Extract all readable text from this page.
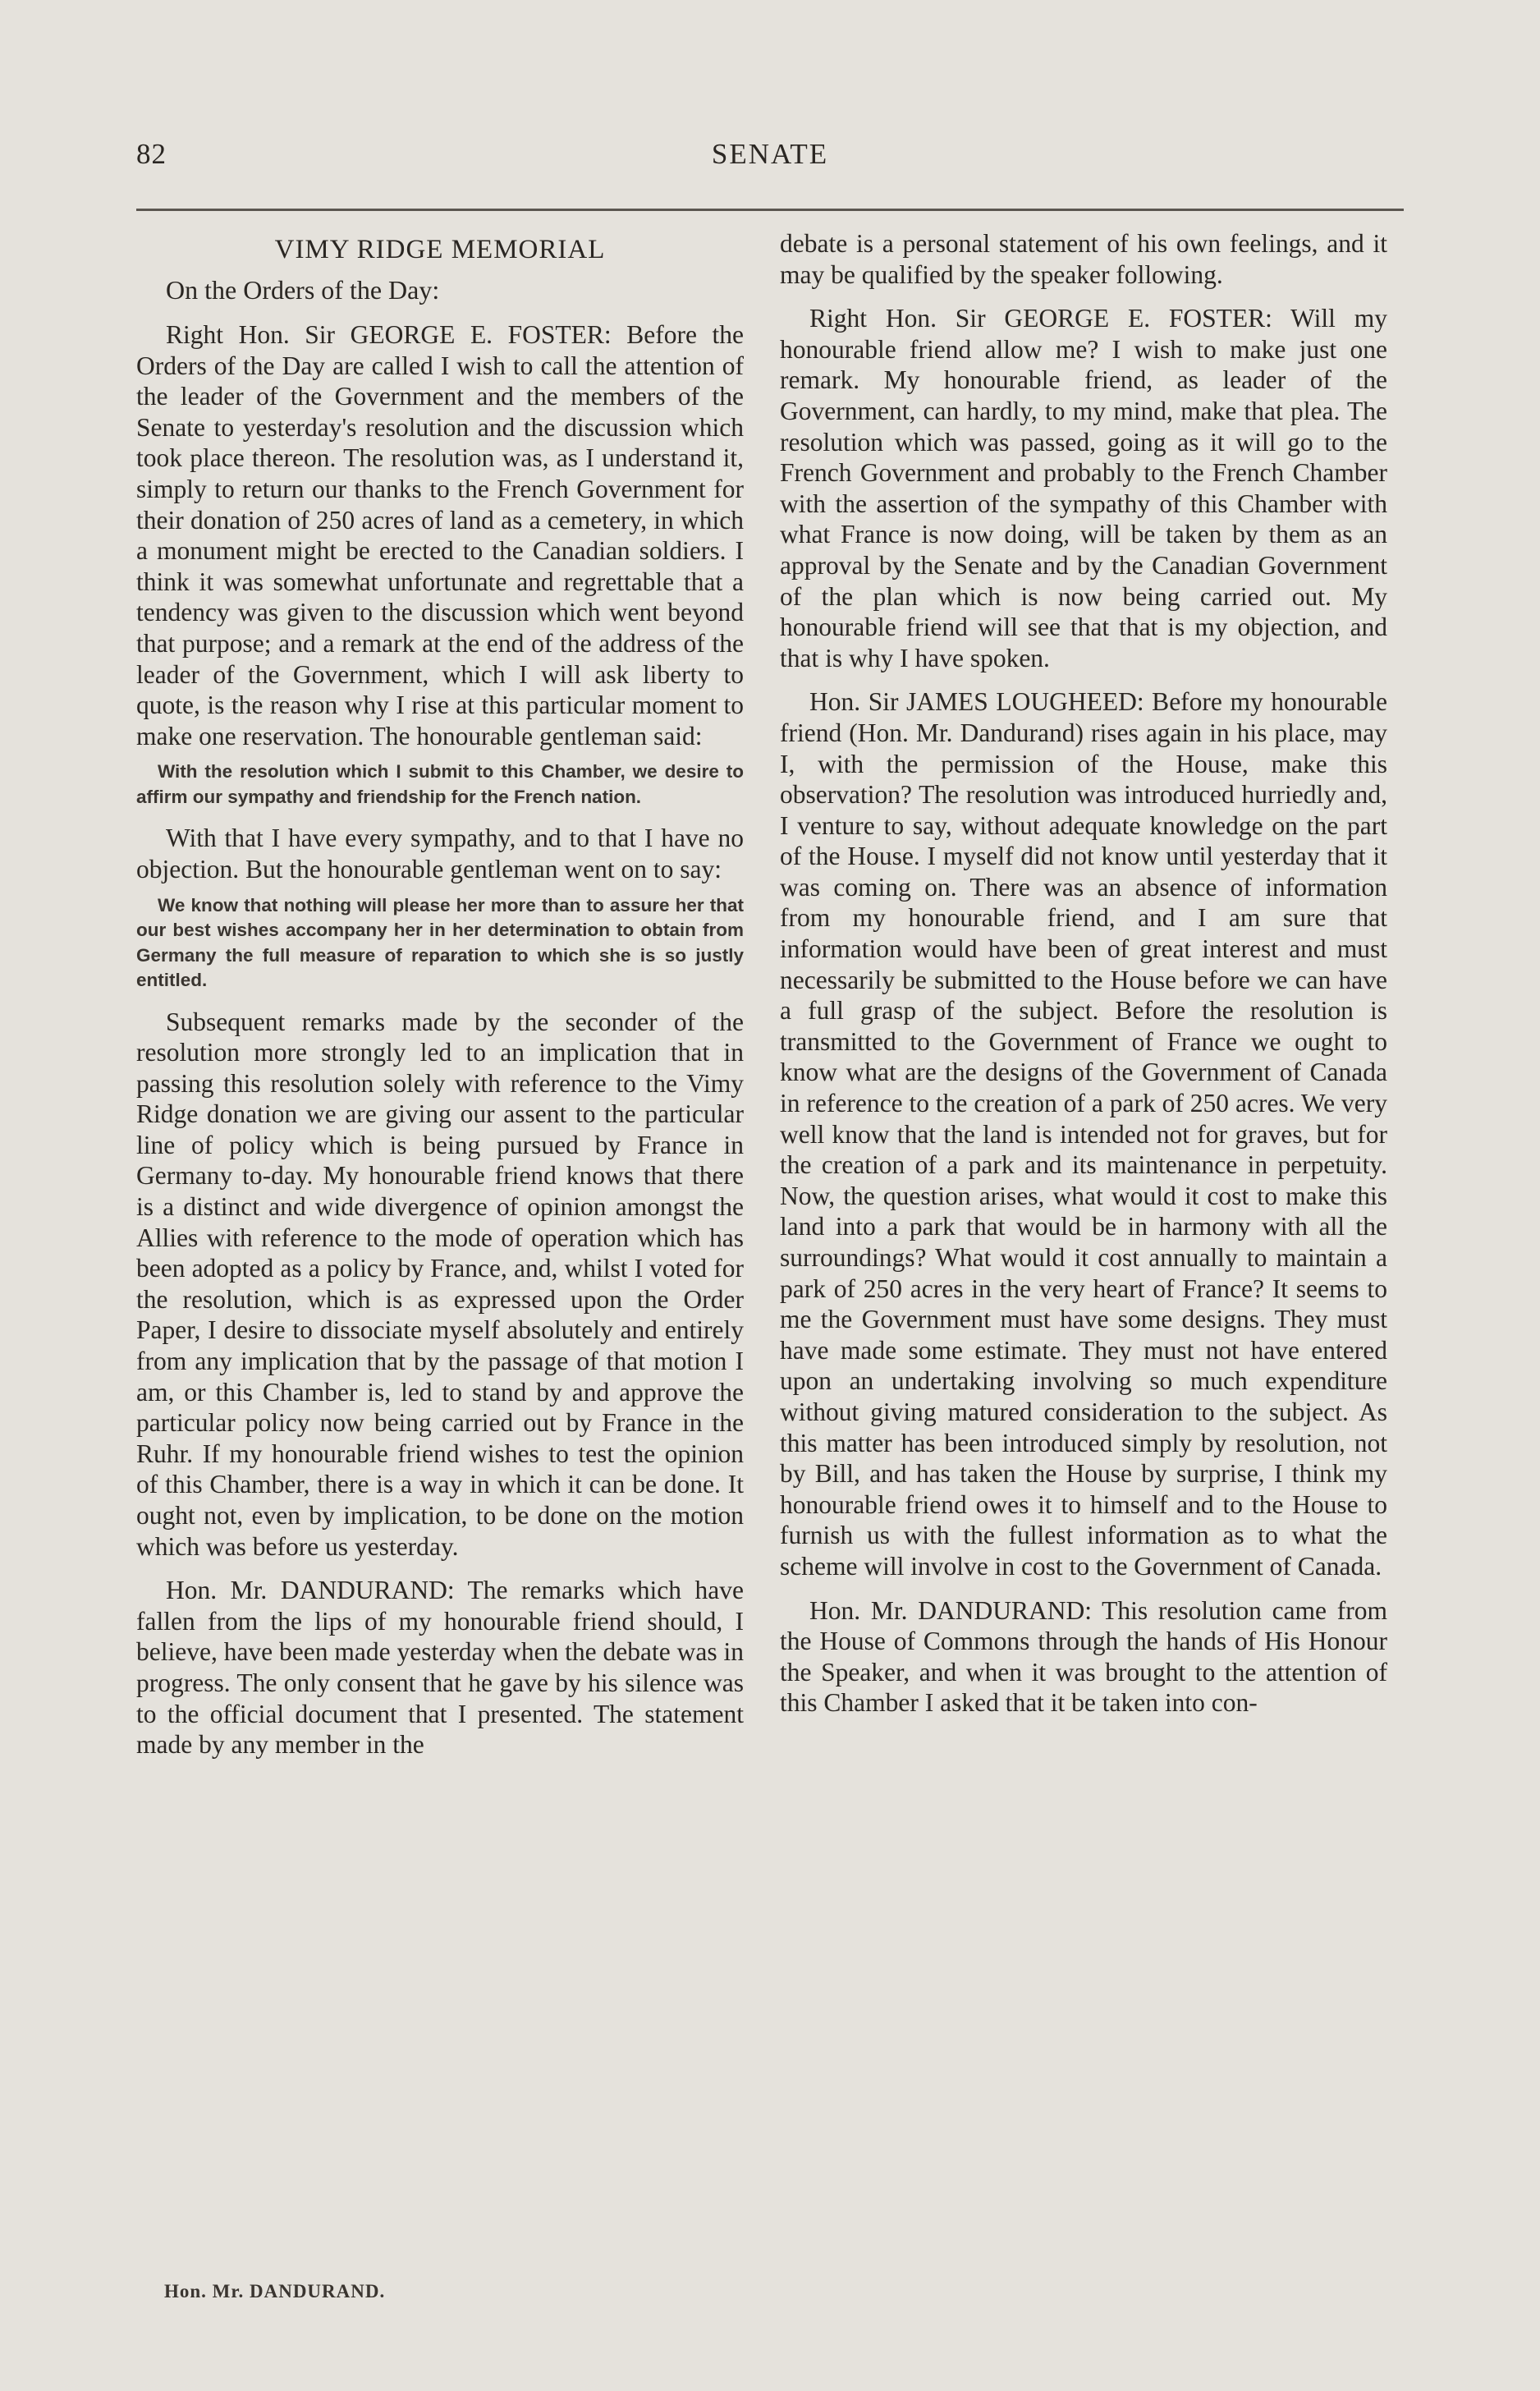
82	SENATE
VIMY RIDGE MEMORIAL

On the Orders of the Day:

Right Hon. Sir GEORGE E. FOSTER: Before the Orders of the Day are called I wish to call the attention of the leader of the Government and the members of the Senate to yesterday's resolution and the discussion which took place thereon. The resolution was, as I understand it, simply to return our thanks to the French Government for their donation of 250 acres of land as a cemetery, in which a monument might be erected to the Canadian soldiers. I think it was somewhat unfortunate and regrettable that a tendency was given to the discussion which went beyond that purpose; and a remark at the end of the address of the leader of the Government, which I will ask liberty to quote, is the reason why I rise at this particular moment to make one reservation. The honourable gentleman said:

With the resolution which I submit to this Chamber, we desire to affirm our sympathy and friendship for the French nation.

With that I have every sympathy, and to that I have no objection. But the honourable gentleman went on to say:

We know that nothing will please her more than to assure her that our best wishes accompany her in her determination to obtain from Germany the full measure of reparation to which she is so justly entitled.

Subsequent remarks made by the seconder of the resolution more strongly led to an implication that in passing this resolution solely with reference to the Vimy Ridge donation we are giving our assent to the particular line of policy which is being pursued by France in Germany to-day. My honourable friend knows that there is a distinct and wide divergence of opinion amongst the Allies with reference to the mode of operation which has been adopted as a policy by France, and, whilst I voted for the resolution, which is as expressed upon the Order Paper, I desire to dissociate myself absolutely and entirely from any implication that by the passage of that motion I am, or this Chamber is, led to stand by and approve the particular policy now being carried out by France in the Ruhr. If my honourable friend wishes to test the opinion of this Chamber, there is a way in which it can be done. It ought not, even by implication, to be done on the motion which was before us yesterday.

Hon. Mr. DANDURAND: The remarks which have fallen from the lips of my honourable friend should, I believe, have been made yesterday when the debate was in progress. The only consent that he gave by his silence was to the official document that I presented. The statement made by any member in the

debate is a personal statement of his own feelings, and it may be qualified by the speaker following.

Right Hon. Sir GEORGE E. FOSTER: Will my honourable friend allow me? I wish to make just one remark. My honourable friend, as leader of the Government, can hardly, to my mind, make that plea. The resolution which was passed, going as it will go to the French Government and probably to the French Chamber with the assertion of the sympathy of this Chamber with what France is now doing, will be taken by them as an approval by the Senate and by the Canadian Government of the plan which is now being carried out. My honourable friend will see that that is my objection, and that is why I have spoken.

Hon. Sir JAMES LOUGHEED: Before my honourable friend (Hon. Mr. Dandurand) rises again in his place, may I, with the permission of the House, make this observation? The resolution was introduced hurriedly and, I venture to say, without adequate knowledge on the part of the House. I myself did not know until yesterday that it was coming on. There was an absence of information from my honourable friend, and I am sure that information would have been of great interest and must necessarily be submitted to the House before we can have a full grasp of the subject. Before the resolution is transmitted to the Government of France we ought to know what are the designs of the Government of Canada in reference to the creation of a park of 250 acres. We very well know that the land is intended not for graves, but for the creation of a park and its maintenance in perpetuity. Now, the question arises, what would it cost to make this land into a park that would be in harmony with all the surroundings? What would it cost annually to maintain a park of 250 acres in the very heart of France? It seems to me the Government must have some designs. They must have made some estimate. They must not have entered upon an undertaking involving so much expenditure without giving matured consideration to the subject. As this matter has been introduced simply by resolution, not by Bill, and has taken the House by surprise, I think my honourable friend owes it to himself and to the House to furnish us with the fullest information as to what the scheme will involve in cost to the Government of Canada.

Hon. Mr. DANDURAND: This resolution came from the House of Commons through the hands of His Honour the Speaker, and when it was brought to the attention of this Chamber I asked that it be taken into con-

Hon. Mr. DANDURAND.
